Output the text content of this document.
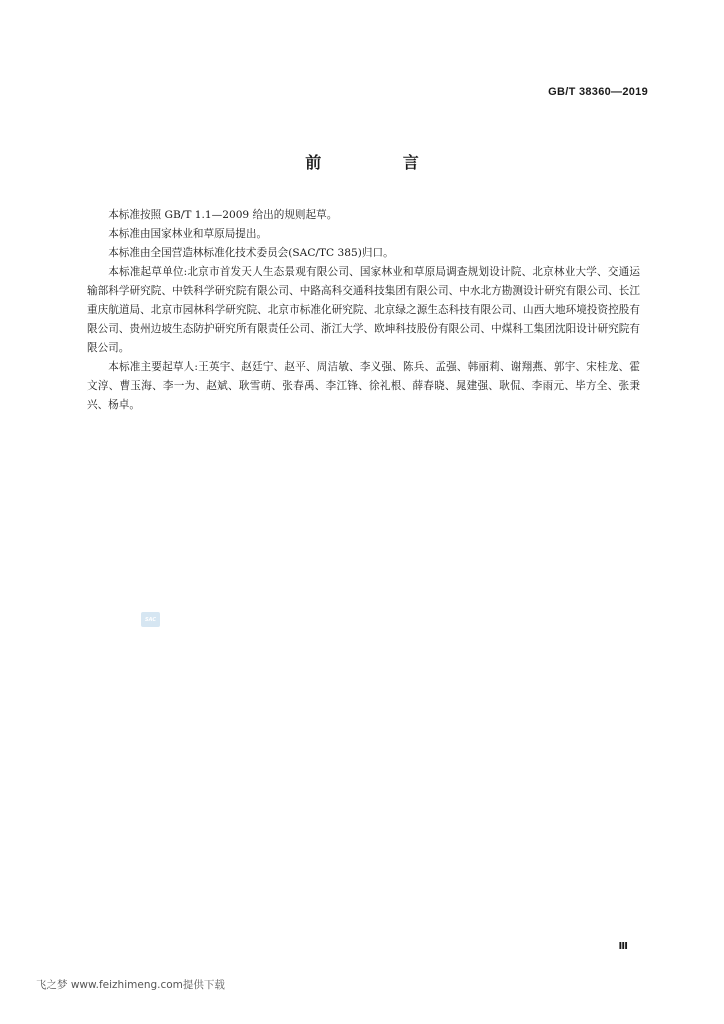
GB/T 38360—2019
前 言

本标准按照 GB/T 1.1—2009 给出的规则起草。

本标准由国家林业和草原局提出。

本标准由全国营造林标准化技术委员会(SAC/TC 385)归口。

本标准起草单位:北京市首发天人生态景观有限公司、国家林业和草原局调查规划设计院、北京林业大学、交通运输部科学研究院、中铁科学研究院有限公司、中路高科交通科技集团有限公司、中水北方勘测设计研究有限公司、长江重庆航道局、北京市园林科学研究院、北京市标准化研究院、北京绿之源生态科技有限公司、山西大地环境投资控股有限公司、贵州边坡生态防护研究所有限责任公司、浙江大学、欧坤科技股份有限公司、中煤科工集团沈阳设计研究院有限公司。

本标准主要起草人:王英宇、赵廷宁、赵平、周洁敏、李义强、陈兵、孟强、韩丽莉、谢翔燕、郭宇、宋桂龙、霍文淳、曹玉海、李一为、赵斌、耿雪萌、张春禹、李江锋、徐礼根、薛春晓、晁建强、耿侃、李雨元、毕方全、张秉兴、杨卓。

SAC
Ⅲ
飞之梦 www.feizhimeng.com提供下载
